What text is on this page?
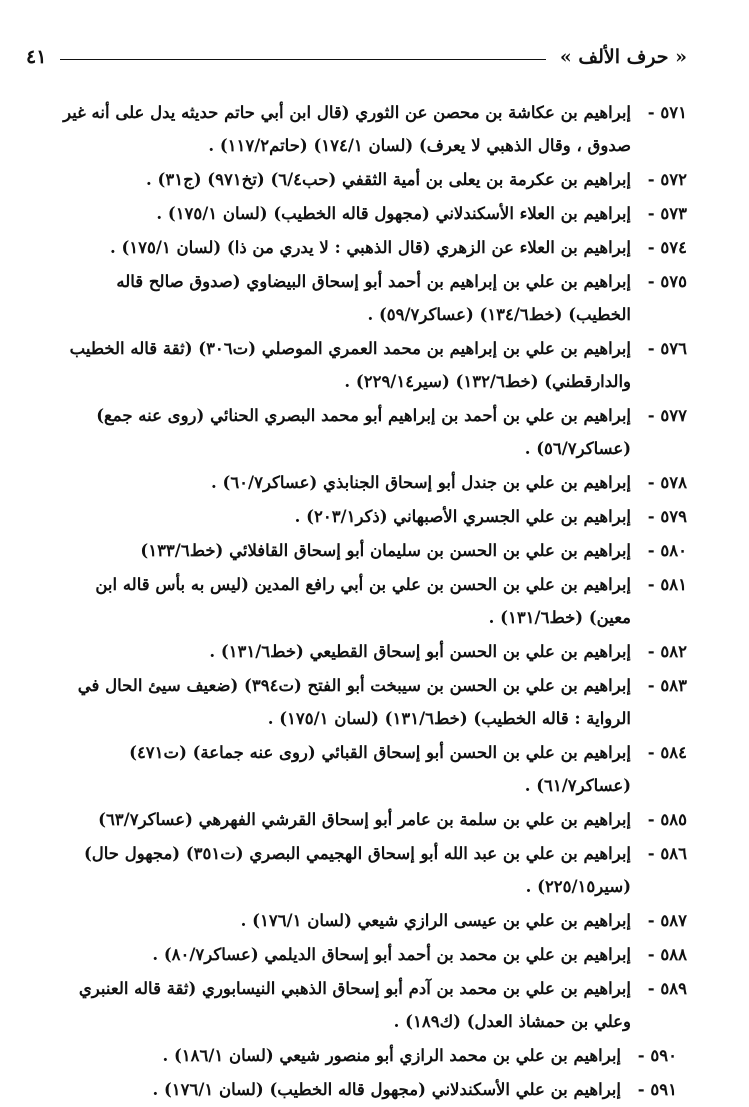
« حرف الألف »
٤١
٥٧١ -
إبراهيم بن عكاشة بن محصن عن الثوري (قال ابن أبي حاتم حديثه يدل على أنه غير صدوق ، وقال الذهبي لا يعرف) (لسان ١٧٤/١) (حاتم١١٧/٢) .
٥٧٢ -
إبراهيم بن عكرمة بن يعلى بن أمية الثقفي (حب٦/٤) (تخ٩٧١) (ج٣١) .
٥٧٣ -
إبراهيم بن العلاء الأسكندلاني (مجهول قاله الخطيب) (لسان ١٧٥/١) .
٥٧٤ -
إبراهيم بن العلاء عن الزهري (قال الذهبي : لا يدري من ذا) (لسان ١٧٥/١) .
٥٧٥ -
إبراهيم بن علي بن إبراهيم بن أحمد أبو إسحاق البيضاوي (صدوق صالح قاله الخطيب) (خط١٣٤/٦) (عساكر٥٩/٧) .
٥٧٦ -
إبراهيم بن علي بن إبراهيم بن محمد العمري الموصلي (ت٣٠٦) (ثقة قاله الخطيب والدارقطني) (خط١٣٢/٦) (سير٢٢٩/١٤) .
٥٧٧ -
إبراهيم بن علي بن أحمد بن إبراهيم أبو محمد البصري الحنائي (روى عنه جمع) (عساكر٥٦/٧) .
٥٧٨ -
إبراهيم بن علي بن جندل أبو إسحاق الجنابذي (عساكر٦٠/٧) .
٥٧٩ -
إبراهيم بن علي الجسري الأصبهاني (ذكر٢٠٣/١) .
٥٨٠ -
إبراهيم بن علي بن الحسن بن سليمان أبو إسحاق القافلائي (خط١٣٣/٦)
٥٨١ -
إبراهيم بن علي بن الحسن بن علي بن أبي رافع المدين (ليس به بأس قاله ابن معين) (خط١٣١/٦) .
٥٨٢ -
إبراهيم بن علي بن الحسن أبو إسحاق القطيعي (خط١٣١/٦) .
٥٨٣ -
إبراهيم بن علي بن الحسن بن سيبخت أبو الفتح (ت٣٩٤) (ضعيف سيئ الحال في الرواية : قاله الخطيب) (خط١٣١/٦) (لسان ١٧٥/١) .
٥٨٤ -
إبراهيم بن علي بن الحسن أبو إسحاق القبائي (روى عنه جماعة) (ت٤٧١) (عساكر٦١/٧) .
٥٨٥ -
إبراهيم بن علي بن سلمة بن عامر أبو إسحاق القرشي الفهرهي (عساكر٦٣/٧)
٥٨٦ -
إبراهيم بن علي بن عبد الله أبو إسحاق الهجيمي البصري (ت٣٥١) (مجهول حال) (سير٢٢٥/١٥) .
٥٨٧ -
إبراهيم بن علي بن عيسى الرازي شيعي (لسان ١٧٦/١) .
٥٨٨ -
إبراهيم بن علي بن محمد بن أحمد أبو إسحاق الديلمي (عساكر٨٠/٧) .
٥٨٩ -
إبراهيم بن علي بن محمد بن آدم أبو إسحاق الذهبي النيسابوري (ثقة قاله العنبري وعلي بن حمشاذ العدل) (ك١٨٩) .
٥٩٠ -
إبراهيم بن علي بن محمد الرازي أبو منصور شيعي (لسان ١٨٦/١) .
٥٩١ -
إبراهيم بن علي الأسكندلاني (مجهول قاله الخطيب) (لسان ١٧٦/١) .
